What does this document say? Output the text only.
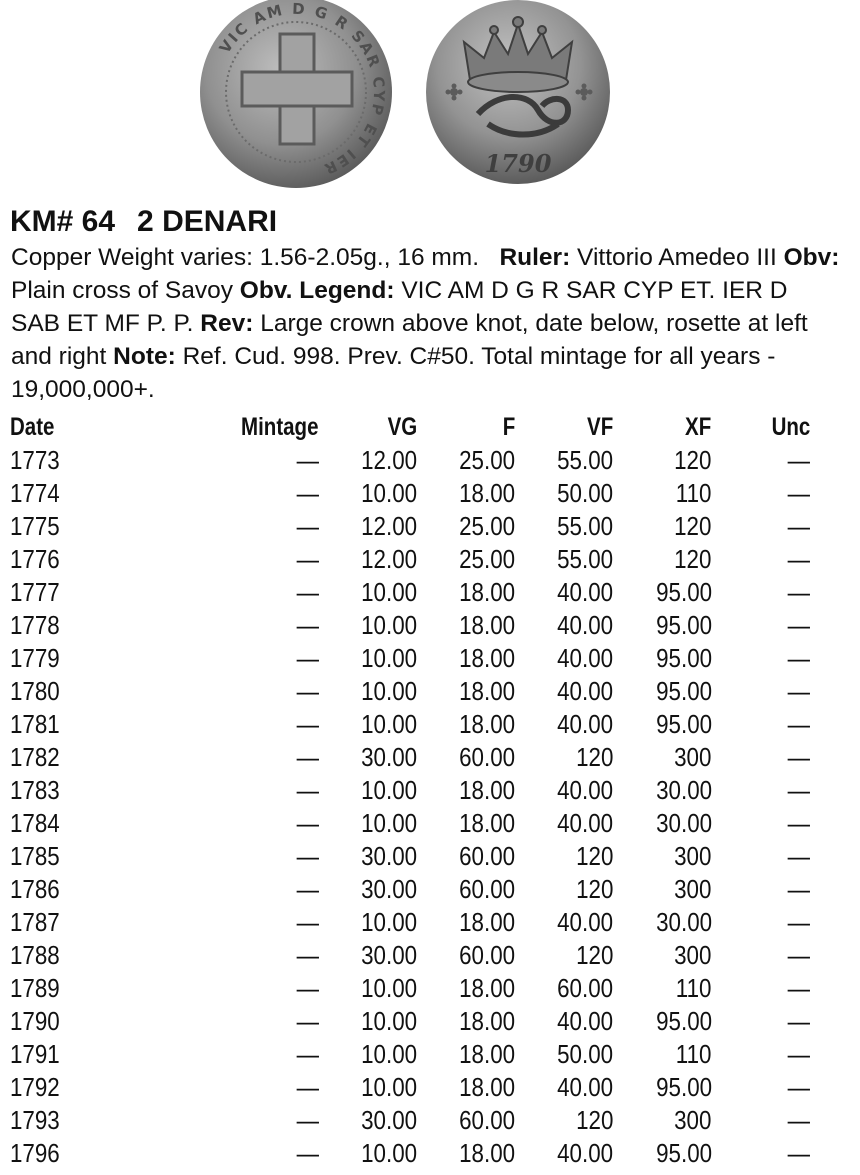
VIC AM D G R SAR CYP ET IER	1790
KM# 64 2 DENARI

Copper Weight varies: 1.56-2.05g., 16 mm. Ruler: Vittorio Amedeo III Obv: Plain cross of Savoy Obv. Legend: VIC AM D G R SAR CYP ET. IER D SAB ET MF P. P. Rev: Large crown above knot, date below, rosette at left and right Note: Ref. Cud. 998. Prev. C#50. Total mintage for all years - 19,000,000+.

Date	Mintage	VG	F	VF	XF	Unc
1773	—	12.00	25.00	55.00	120	—
1774	—	10.00	18.00	50.00	110	—
1775	—	12.00	25.00	55.00	120	—
1776	—	12.00	25.00	55.00	120	—
1777	—	10.00	18.00	40.00	95.00	—
1778	—	10.00	18.00	40.00	95.00	—
1779	—	10.00	18.00	40.00	95.00	—
1780	—	10.00	18.00	40.00	95.00	—
1781	—	10.00	18.00	40.00	95.00	—
1782	—	30.00	60.00	120	300	—
1783	—	10.00	18.00	40.00	30.00	—
1784	—	10.00	18.00	40.00	30.00	—
1785	—	30.00	60.00	120	300	—
1786	—	30.00	60.00	120	300	—
1787	—	10.00	18.00	40.00	30.00	—
1788	—	30.00	60.00	120	300	—
1789	—	10.00	18.00	60.00	110	—
1790	—	10.00	18.00	40.00	95.00	—
1791	—	10.00	18.00	50.00	110	—
1792	—	10.00	18.00	40.00	95.00	—
1793	—	30.00	60.00	120	300	—
1796	—	10.00	18.00	40.00	95.00	—
